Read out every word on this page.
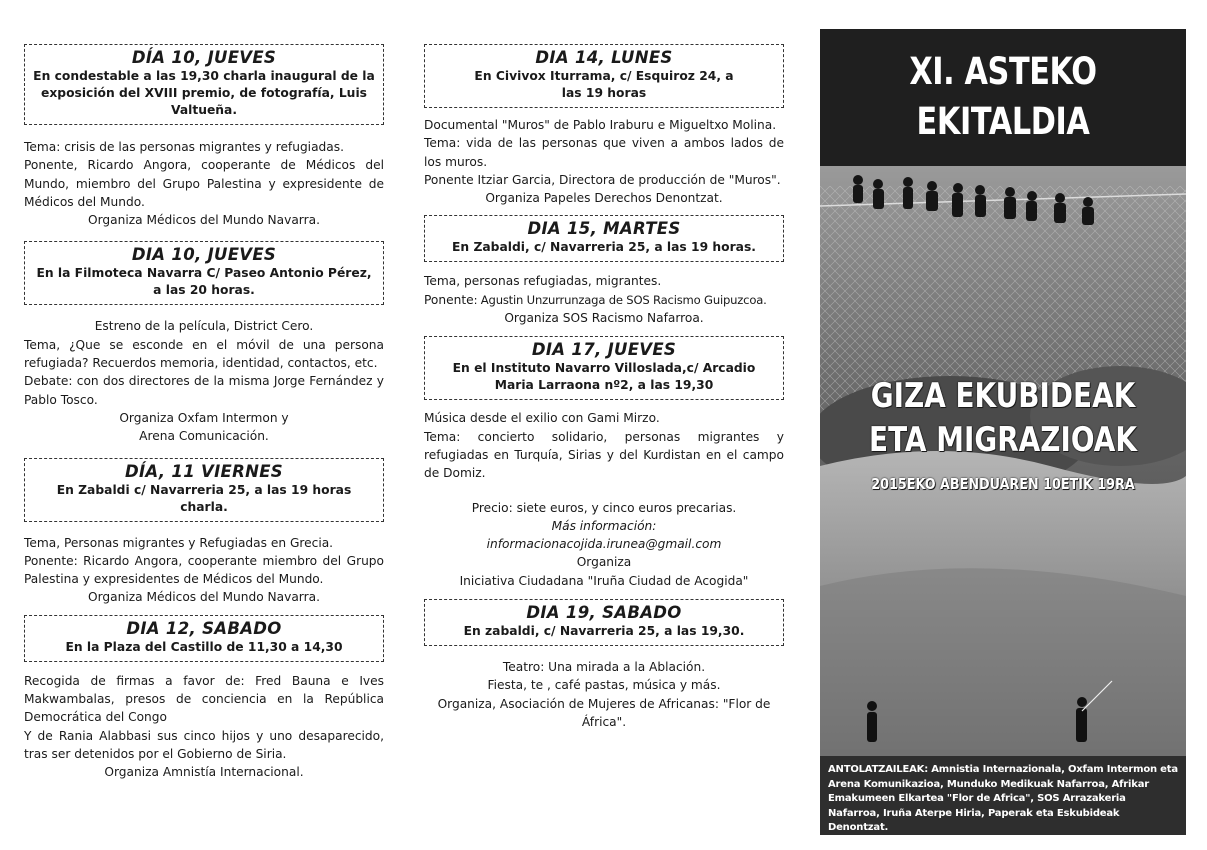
DÍA 10, JUEVES
En condestable a las 19,30 charla inaugural de la exposición del XVIII premio, de fotografía, Luis Valtueña.
Tema: crisis de las personas migrantes y refugiadas.
Ponente, Ricardo Angora, cooperante de Médicos del Mundo, miembro del Grupo Palestina y expresidente de Médicos del Mundo.
Organiza Médicos del Mundo Navarra.
DIA 10, JUEVES
En la Filmoteca Navarra C/ Paseo Antonio Pérez, a las 20 horas.
Estreno de la película, District Cero.
Tema, ¿Que se esconde en el móvil de una persona refugiada? Recuerdos memoria, identidad, contactos, etc.
Debate: con dos directores de la misma Jorge Fernández y Pablo Tosco.
Organiza Oxfam Intermon y
Arena Comunicación.
DÍA, 11 VIERNES
En Zabaldi c/ Navarreria 25, a las 19 horas charla.
Tema, Personas migrantes y Refugiadas en Grecia.
Ponente: Ricardo Angora, cooperante miembro del Grupo Palestina y expresidentes de Médicos del Mundo.
Organiza Médicos del Mundo Navarra.
DIA 12, SABADO
En la Plaza del Castillo de 11,30 a 14,30
Recogida de firmas a favor de: Fred Bauna e Ives Makwambalas, presos de conciencia en la República Democrática del Congo
Y de Rania Alabbasi sus cinco hijos y uno desaparecido, tras ser detenidos por el Gobierno de Siria.
Organiza Amnistía Internacional.
DIA 14, LUNES
En Civivox Iturrama, c/ Esquiroz 24, a las 19 horas
Documental "Muros" de Pablo Iraburu e Migueltxo Molina.
Tema: vida de las personas que viven a ambos lados de los muros.
Ponente Itziar Garcia, Directora de producción de "Muros".
Organiza Papeles Derechos Denontzat.
DIA 15, MARTES
En Zabaldi, c/ Navarreria 25, a las 19 horas.
Tema, personas refugiadas, migrantes.
Ponente: Agustin Unzurrunzaga de SOS Racismo Guipuzcoa.
Organiza SOS Racismo Nafarroa.
DIA 17, JUEVES
En el Instituto Navarro Villoslada,c/ Arcadio Maria Larraona nº2, a las 19,30
Música desde el exilio con Gami Mirzo.
Tema: concierto solidario, personas migrantes y refugiadas en Turquía, Sirias y del Kurdistan en el campo de Domiz.
Precio: siete euros, y cinco euros precarias.
Más información:
informacionacojida.irunea@gmail.com
Organiza
Iniciativa Ciudadana "Iruña Ciudad de Acogida"
DIA 19, SABADO
En zabaldi, c/ Navarreria 25, a las 19,30.
Teatro: Una mirada a la Ablación.
Fiesta, te , café pastas, música y más.
Organiza, Asociación de Mujeres de Africanas: "Flor de África".
XI. ASTEKO
EKITALDIA
GIZA EKUBIDEAK
ETA MIGRAZIOAK
2015EKO ABENDUAREN 10ETIK 19RA
ANTOLATZAILEAK: Amnistia Internazionala, Oxfam Intermon eta Arena Komunikazioa, Munduko Medikuak Nafarroa, Afrikar Emakumeen Elkartea "Flor de Africa", SOS Arrazakeria Nafarroa, Iruña Aterpe Hiria, Paperak eta Eskubideak Denontzat.
